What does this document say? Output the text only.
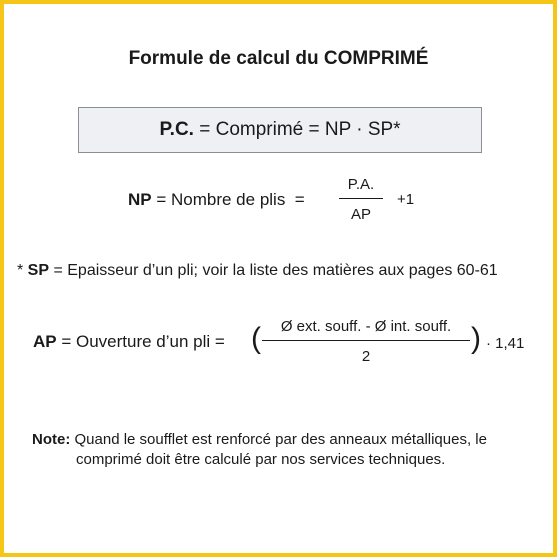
Formule de calcul du COMPRIMÉ
P.C. = Comprimé = NP · SP*
NP = Nombre de plis  =
P.A.
AP
+1
* SP = Epaisseur d’un pli; voir la liste des matières aux pages 60-61
AP = Ouverture d’un pli = (	Ø ext. souff. - Ø int. souff.
2
) · 1,41
Note: Quand le soufflet est renforcé par des anneaux métalliques, le
comprimé doit être calculé par nos services techniques.
